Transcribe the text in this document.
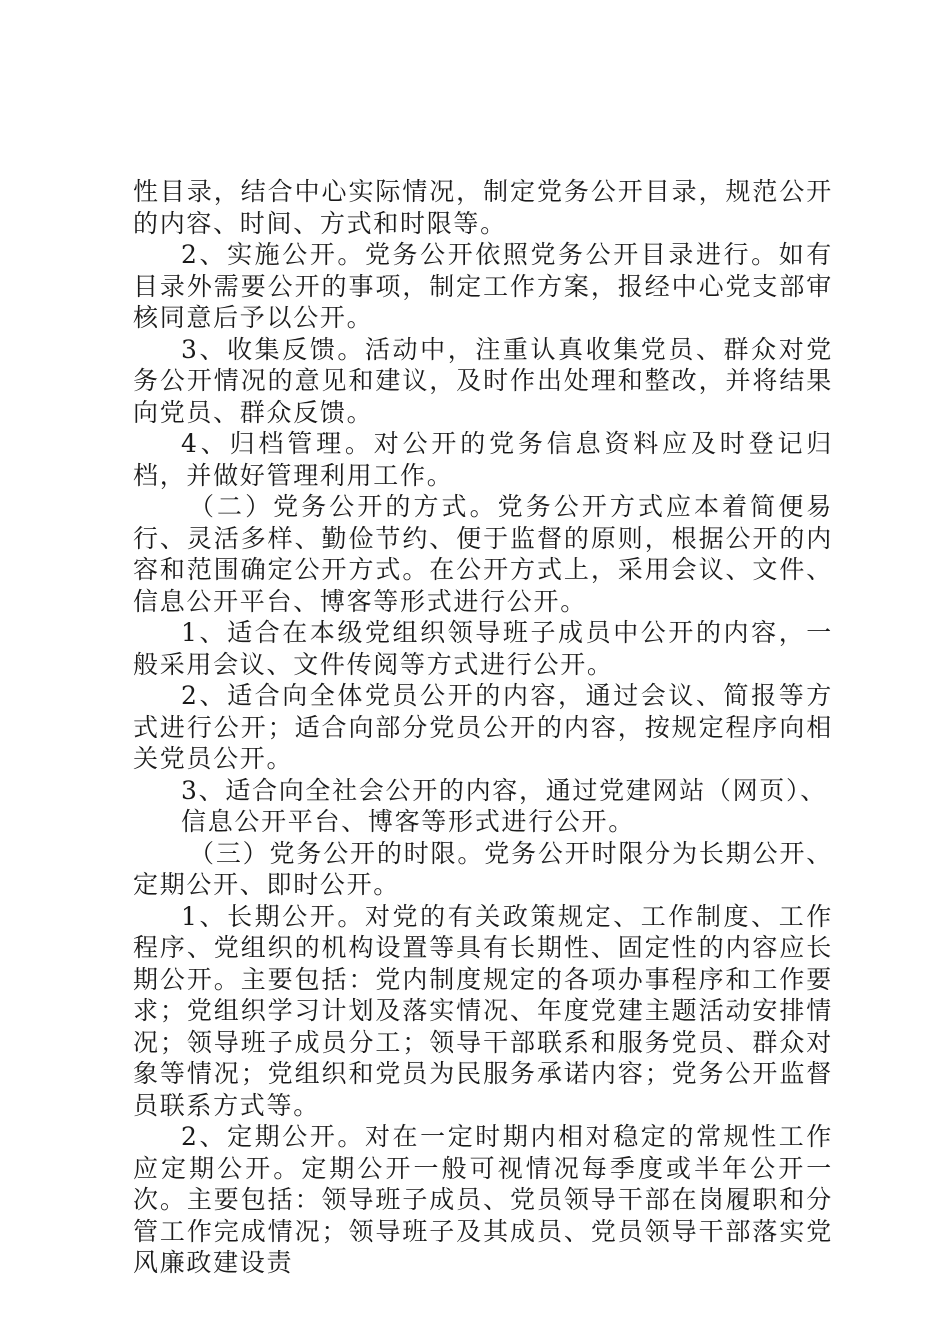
性目录，结合中心实际情况，制定党务公开目录，规范公开的内容、时间、方式和时限等。

2、实施公开。党务公开依照党务公开目录进行。如有目录外需要公开的事项，制定工作方案，报经中心党支部审核同意后予以公开。

3、收集反馈。活动中，注重认真收集党员、群众对党务公开情况的意见和建议，及时作出处理和整改，并将结果向党员、群众反馈。

4、归档管理。对公开的党务信息资料应及时登记归档，并做好管理利用工作。

（二）党务公开的方式。党务公开方式应本着简便易行、灵活多样、勤俭节约、便于监督的原则，根据公开的内容和范围确定公开方式。在公开方式上，采用会议、文件、信息公开平台、博客等形式进行公开。

1、适合在本级党组织领导班子成员中公开的内容，一般采用会议、文件传阅等方式进行公开。

2、适合向全体党员公开的内容，通过会议、简报等方式进行公开；适合向部分党员公开的内容，按规定程序向相关党员公开。

3、适合向全社会公开的内容，通过党建网站（网页）、

信息公开平台、博客等形式进行公开。

（三）党务公开的时限。党务公开时限分为长期公开、定期公开、即时公开。

1、长期公开。对党的有关政策规定、工作制度、工作程序、党组织的机构设置等具有长期性、固定性的内容应长期公开。主要包括：党内制度规定的各项办事程序和工作要求；党组织学习计划及落实情况、年度党建主题活动安排情况；领导班子成员分工；领导干部联系和服务党员、群众对象等情况；党组织和党员为民服务承诺内容；党务公开监督员联系方式等。

2、定期公开。对在一定时期内相对稳定的常规性工作应定期公开。定期公开一般可视情况每季度或半年公开一次。主要包括：领导班子成员、党员领导干部在岗履职和分管工作完成情况；领导班子及其成员、党员领导干部落实党风廉政建设责
